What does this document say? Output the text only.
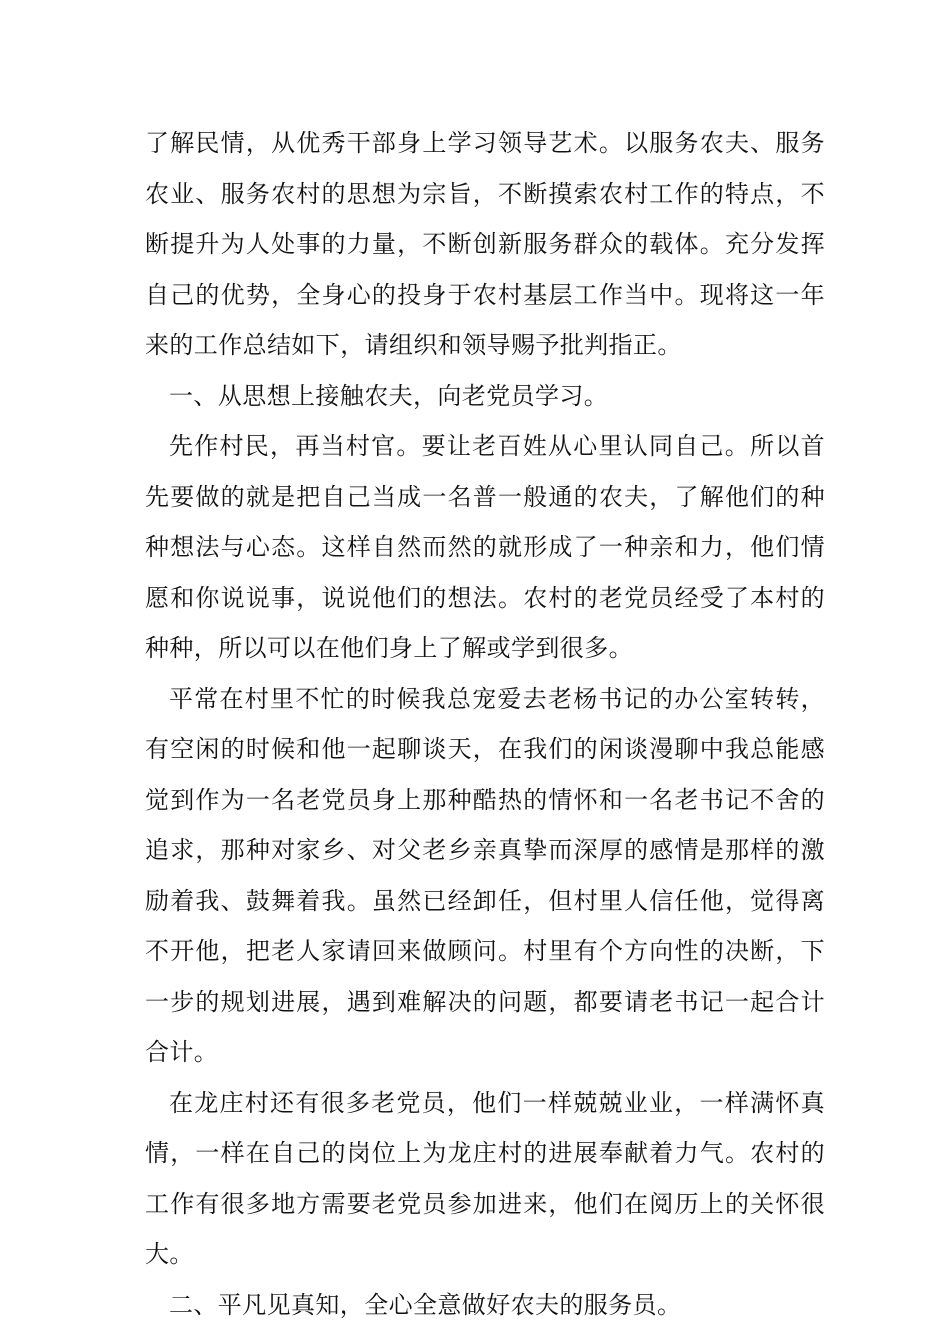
了解民情，从优秀干部身上学习领导艺术。以服务农夫、服务农业、服务农村的思想为宗旨，不断摸索农村工作的特点，不断提升为人处事的力量，不断创新服务群众的载体。充分发挥自己的优势，全身心的投身于农村基层工作当中。现将这一年来的工作总结如下，请组织和领导赐予批判指正。

一、从思想上接触农夫，向老党员学习。

先作村民，再当村官。要让老百姓从心里认同自己。所以首先要做的就是把自己当成一名普一般通的农夫，了解他们的种种想法与心态。这样自然而然的就形成了一种亲和力，他们情愿和你说说事，说说他们的想法。农村的老党员经受了本村的种种，所以可以在他们身上了解或学到很多。

平常在村里不忙的时候我总宠爱去老杨书记的办公室转转，有空闲的时候和他一起聊谈天，在我们的闲谈漫聊中我总能感觉到作为一名老党员身上那种酷热的情怀和一名老书记不舍的追求，那种对家乡、对父老乡亲真挚而深厚的感情是那样的激励着我、鼓舞着我。虽然已经卸任，但村里人信任他，觉得离不开他，把老人家请回来做顾问。村里有个方向性的决断，下一步的规划进展，遇到难解决的问题，都要请老书记一起合计合计。

在龙庄村还有很多老党员，他们一样兢兢业业，一样满怀真情，一样在自己的岗位上为龙庄村的进展奉献着力气。农村的工作有很多地方需要老党员参加进来，他们在阅历上的关怀很大。

二、平凡见真知，全心全意做好农夫的服务员。
